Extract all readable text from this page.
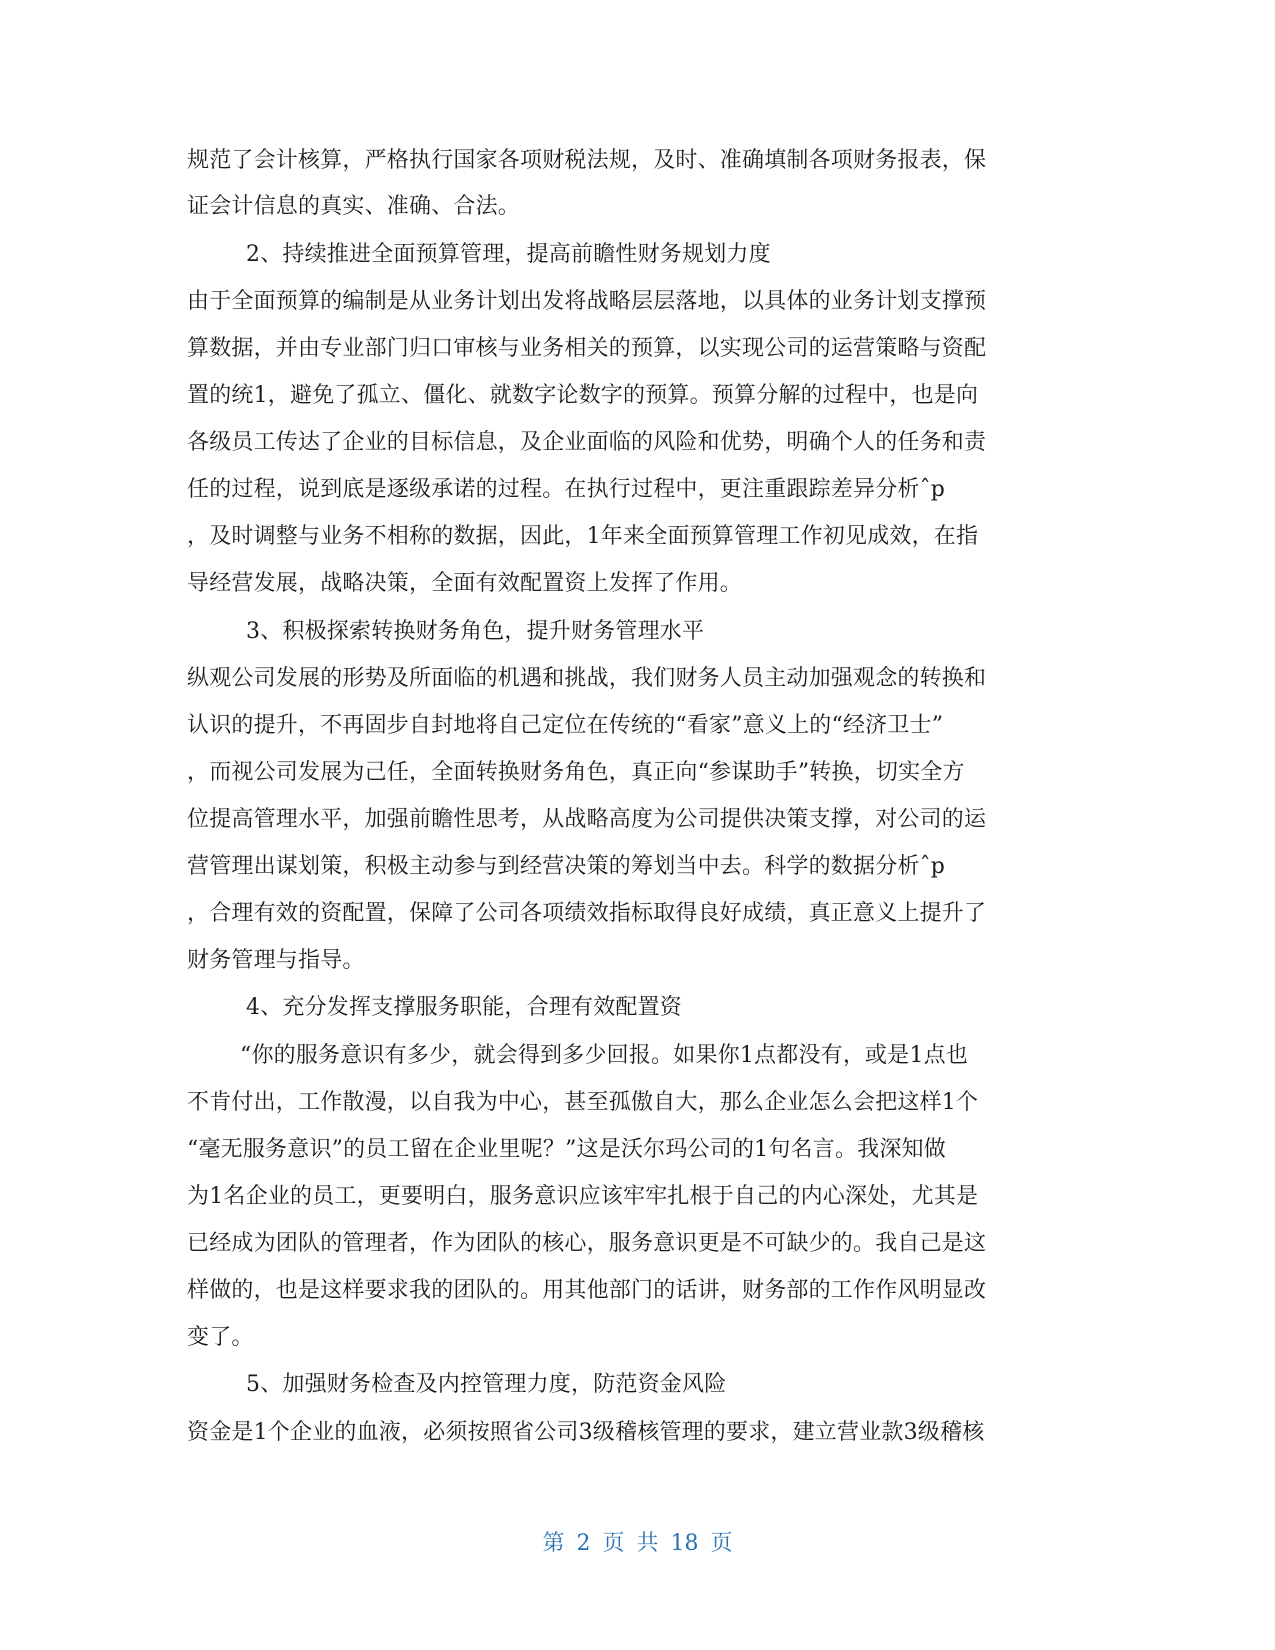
规范了会计核算，严格执行国家各项财税法规，及时、准确填制各项财务报表，保
证会计信息的真实、准确、合法。
2、持续推进全面预算管理，提高前瞻性财务规划力度
由于全面预算的编制是从业务计划出发将战略层层落地，以具体的业务计划支撑预
算数据，并由专业部门归口审核与业务相关的预算，以实现公司的运营策略与资配
置的统1，避免了孤立、僵化、就数字论数字的预算。预算分解的过程中，也是向
各级员工传达了企业的目标信息，及企业面临的风险和优势，明确个人的任务和责
任的过程，说到底是逐级承诺的过程。在执行过程中，更注重跟踪差异分析ˆp
，及时调整与业务不相称的数据，因此，1年来全面预算管理工作初见成效，在指
导经营发展，战略决策，全面有效配置资上发挥了作用。
3、积极探索转换财务角色，提升财务管理水平
纵观公司发展的形势及所面临的机遇和挑战，我们财务人员主动加强观念的转换和
认识的提升，不再固步自封地将自己定位在传统的“看家”意义上的“经济卫士”
，而视公司发展为己任，全面转换财务角色，真正向“参谋助手”转换，切实全方
位提高管理水平，加强前瞻性思考，从战略高度为公司提供决策支撑，对公司的运
营管理出谋划策，积极主动参与到经营决策的筹划当中去。科学的数据分析ˆp
，合理有效的资配置，保障了公司各项绩效指标取得良好成绩，真正意义上提升了
财务管理与指导。
4、充分发挥支撑服务职能，合理有效配置资
“你的服务意识有多少，就会得到多少回报。如果你1点都没有，或是1点也
不肯付出，工作散漫，以自我为中心，甚至孤傲自大，那么企业怎么会把这样1个
“毫无服务意识”的员工留在企业里呢？”这是沃尔玛公司的1句名言。我深知做
为1名企业的员工，更要明白，服务意识应该牢牢扎根于自己的内心深处，尤其是
已经成为团队的管理者，作为团队的核心，服务意识更是不可缺少的。我自己是这
样做的，也是这样要求我的团队的。用其他部门的话讲，财务部的工作作风明显改
变了。
5、加强财务检查及内控管理力度，防范资金风险
资金是1个企业的血液，必须按照省公司3级稽核管理的要求，建立营业款3级稽核
第 2 页 共 18 页
